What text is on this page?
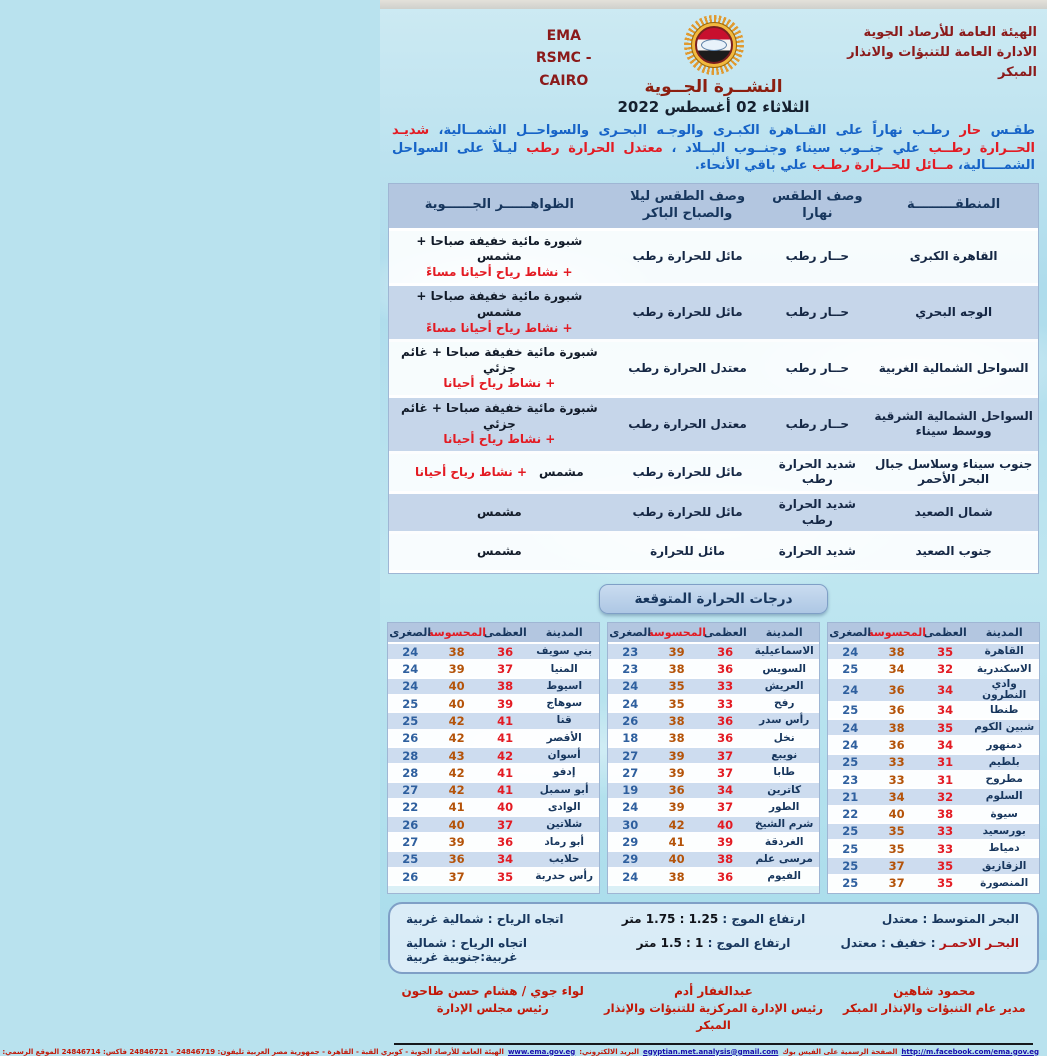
الهيئة العامة للأرصاد الجوية
الادارة العامة للتنبؤات والانذار المبكر
النشــرة الجــوية
الثلاثاء 02 أغسطس 2022
EMA
RSMC - CAIRO
طقـس حار رطـب نهاراً على القــاهرة الكبـرى والوجـه البحـرى والسواحــل الشمــالية، شديـد الحــرارة رطــب علي جنــوب سيناء وجنــوب البــلاد ، معتدل الحرارة رطب ليـلاً على السواحل الشمــــالية، مــائل للحــرارة رطـب علي باقي الأنحاء.
المنطقـــــــــة
وصف الطقس نهارا
وصف الطقس ليلا والصباح الباكر
الظواهــــــر الجــــــوية
القاهرة الكبرى
حــار رطب
مائل للحرارة رطب
شبورة مائية خفيفة صباحا + مشمس
+ نشاط رياح أحيانا مساءً
الوجه البحري
حــار رطب
مائل للحرارة رطب
شبورة مائية خفيفة صباحا + مشمس
+ نشاط رياح أحيانا مساءً
السواحل الشمالية الغربية
حــار رطب
معتدل الحرارة رطب
شبورة مائية خفيفة صباحا + غائم جزئي
+ نشاط رياح أحيانا
السواحل الشمالية الشرقية ووسط سيناء
حــار رطب
معتدل الحرارة رطب
شبورة مائية خفيفة صباحا + غائم جزئي
+ نشاط رياح أحيانا
جنوب سيناء وسلاسل جبال البحر الأحمر
شديد الحرارة رطب
مائل للحرارة رطب
مشمس
+ نشاط رياح أحيانا
شمال الصعيد
شديد الحرارة رطب
مائل للحرارة رطب
مشمس
جنوب الصعيد
شديد الحرارة
مائل للحرارة
مشمس
درجات الحرارة المتوقعة
المدينة
العظمى
المحسوسة
الصغرى
القاهرة
35
38
24
الاسكندرية
32
34
25
وادي النطرون
34
36
24
طنطا
34
36
25
شبين الكوم
35
38
24
دمنهور
34
36
24
بلطيم
31
33
25
مطروح
31
33
23
السلوم
32
34
21
سيوة
38
40
22
بورسعيد
33
35
25
دمياط
33
35
25
الزقازيق
35
37
25
المنصورة
35
37
25
المدينة
العظمى
المحسوسة
الصغرى
الاسماعيلية
36
39
23
السويس
36
38
23
العريش
33
35
24
رفح
33
35
24
رأس سدر
36
38
26
نخل
36
38
18
نويبع
37
39
27
طابا
37
39
27
كاترين
34
36
19
الطور
37
39
24
شرم الشيخ
40
42
30
الغردقة
39
41
29
مرسى علم
38
40
29
الفيوم
36
38
24
المدينة
العظمى
المحسوسة
الصغرى
بني سويف
36
38
24
المنيا
37
39
24
اسيوط
38
40
24
سوهاج
39
40
25
قنا
41
42
25
الأقصر
41
42
26
أسوان
42
43
28
إدفو
41
42
28
أبو سمبل
41
42
27
الوادى
40
41
22
شلاتين
37
40
26
أبو رماد
36
39
27
حلايب
34
36
25
رأس حدربة
35
37
26
البحر المتوسط : معتدل
ارتفاع الموج : 1.25 : 1.75 متر
اتجاه الرياح : شمالية غربية
البحـر الاحمـر : خفيف : معتدل
ارتفاع الموج : 1 : 1.5 متر
اتجاه الرياح : شمالية غربية:جنوبية غربية
محمود شاهين
مدير عام التنبؤات والإنذار المبكر
عبدالغفار أدم
رئيس الإدارة المركزية للتنبؤات والإنذار المبكر
لواء جوي / هشام حسن طاحون
رئيس مجلس الإدارة
http://m.facebook.com/ema.gov.egالصفحة الرسمية على الفيس بوكegyptian.met.analysis@gmail.comالبريد الالكتروني:www.ema.gov.egالهيئة العامة للأرصاد الجوية - كوبري القبة - القاهرة - جمهورية مصر العربية تليفون: 24846719 - 24846721 فاكس: 24846714 الموقع الرسمي:
